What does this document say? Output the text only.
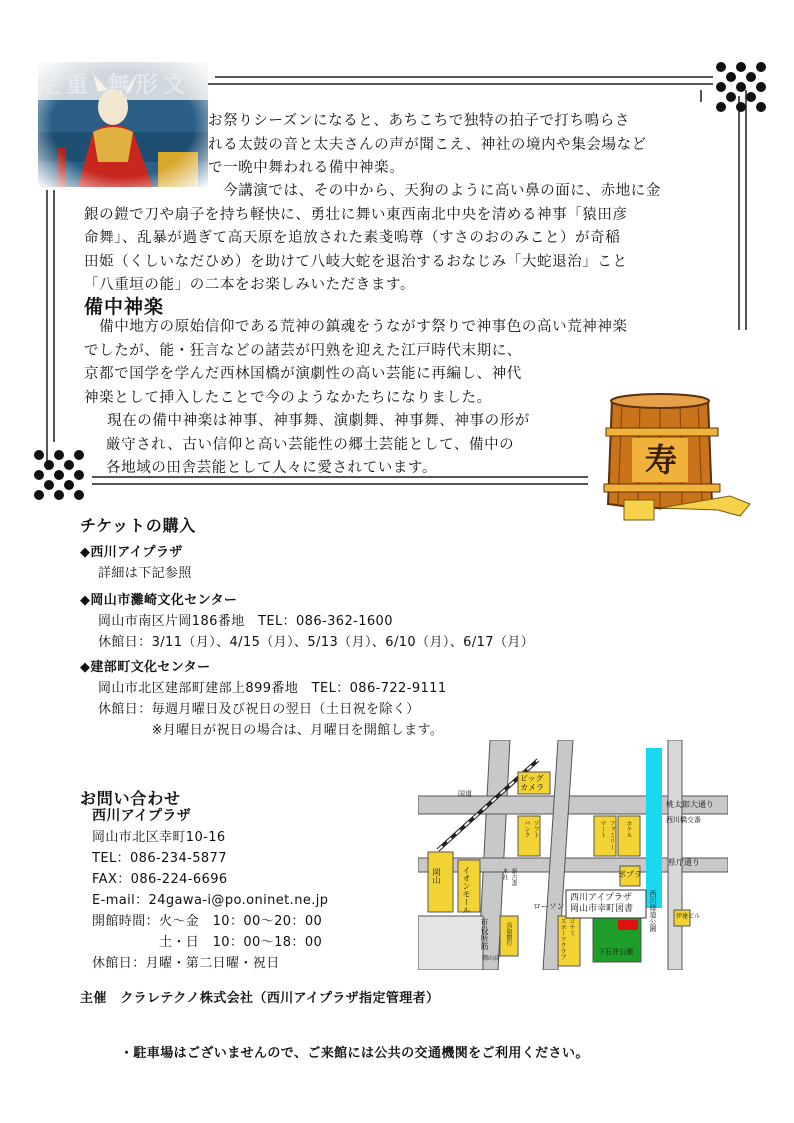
定重 無形文
お祭りシーズンになると、あちこちで独特の拍子で打ち鳴らさ
れる太鼓の音と太夫さんの声が聞こえ、神社の境内や集会場など
で一晩中舞われる備中神楽。
　今講演では、その中から、天狗のように高い鼻の面に、赤地に金
銀の鎧で刀や扇子を持ち軽快に、勇壮に舞い東西南北中央を清める神事「猿田彦
命舞」、乱暴が過ぎて高天原を追放された素戔嗚尊（すさのおのみこと）が奇稲
田姫（くしいなだひめ）を助けて八岐大蛇を退治するおなじみ「大蛇退治」こと
「八重垣の能」の二本をお楽しみいただきます。
備中神楽
　備中地方の原始信仰である荒神の鎮魂をうながす祭りで神事色の高い荒神神楽
でしたが、能・狂言などの諸芸が円熟を迎えた江戸時代末期に、
京都で国学を学んだ西林国橋が演劇性の高い芸能に再編し、神代
神楽として挿入したことで今のようなかたちになりました。
　現在の備中神楽は神事、神事舞、演劇舞、神事舞、神事の形が
厳守され、古い信仰と高い芸能性の郷土芸能として、備中の
各地域の田舎芸能として人々に愛されています。	寿
チケットの購入
◆西川アイプラザ
詳細は下記参照
◆岡山市灘崎文化センター
岡山市南区片岡186番地　TEL：086-362-1600
休館日：3/11（月）、4/15（月）、5/13（月）、6/10（月）、6/17（月）
◆建部町文化センター
岡山市北区建部町建部上899番地　TEL：086-722-9111
休館日：毎週月曜日及び祝日の翌日（土日祝を除く）
　　　　※月曜日が祝日の場合は、月曜日を開館します。
お問い合わせ
西川アイプラザ
岡山市北区幸町10-16
TEL：086-234-5877
FAX：086-224-6696
E-mail：24gawa-i@po.oninet.ne.jp
開館時間：火～金　10：00～20：00
　　　　　土・日　10：00～18：00
休館日：月曜・第二日曜・祝日
ビッグ
カメラ
桃太郎大通り
西川橋交番
県庁通り
西川アイプラザ
岡山市幸町図書
下石井公園
伊達ビル
ローソン
ポプラ
西川緑道公園
岡山	イオンモール
市役所筋	鳥取銀行	コナミ
スポーツクラブ
ホテル
新古書
本社
ソフト
バンク	ファミリー
マート
国道
岡山店
主催　クラレテクノ株式会社（西川アイプラザ指定管理者）
・駐車場はございませんので、ご来館には公共の交通機関をご利用ください。
